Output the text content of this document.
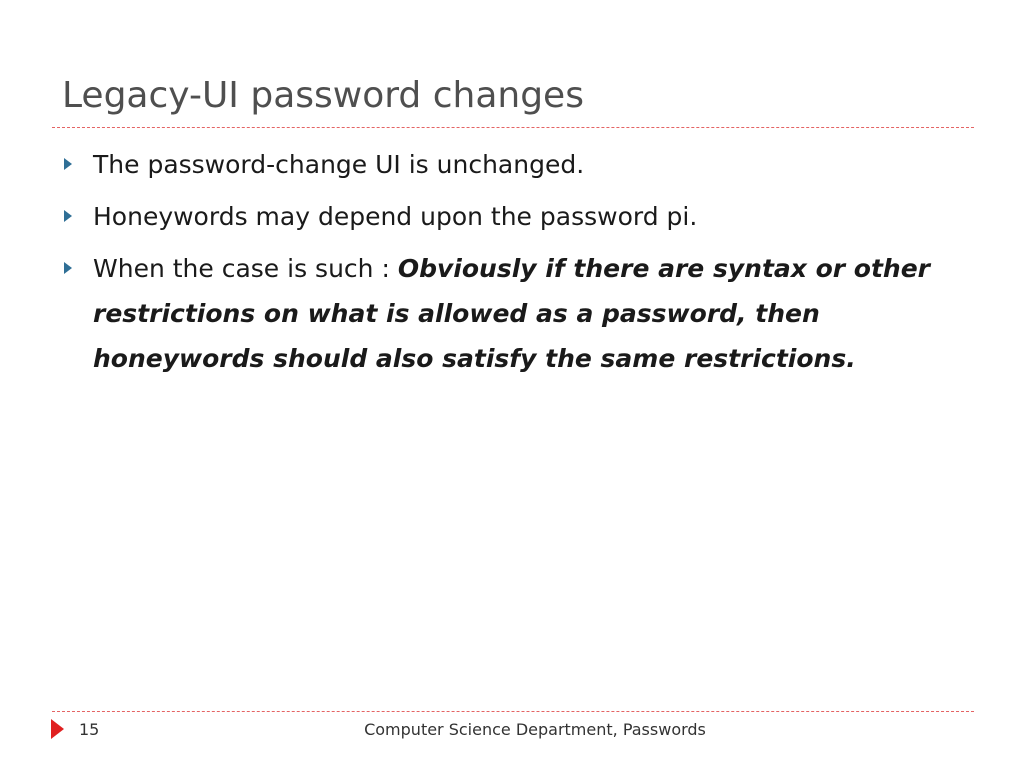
Legacy-UI password changes
The password-change UI is unchanged.
Honeywords may depend upon the password pi.
When the case is such : Obviously if there are syntax or other restrictions on what is allowed as a password, then honeywords should also satisfy the same restrictions.
15	Computer Science Department, Passwords
